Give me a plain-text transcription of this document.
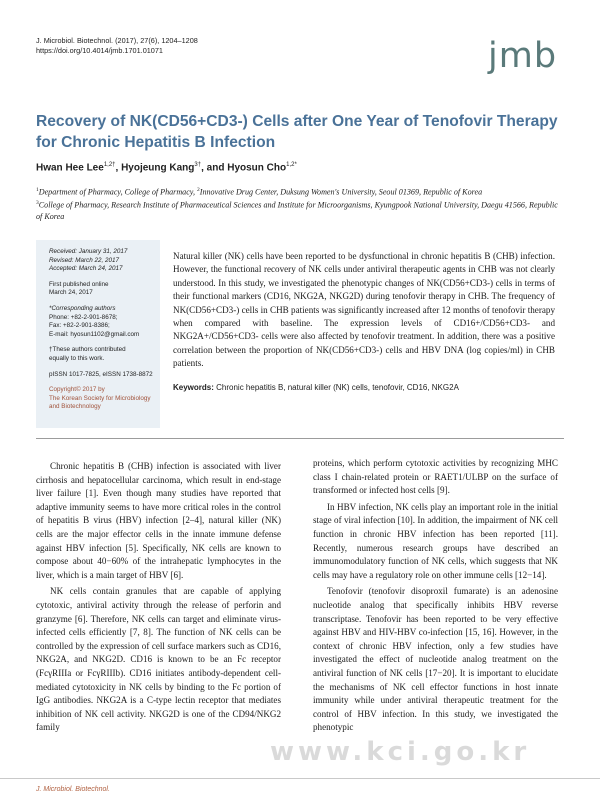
J. Microbiol. Biotechnol. (2017), 27(6), 1204–1208
https://doi.org/10.4014/jmb.1701.01071	jmb
Recovery of NK(CD56+CD3-) Cells after One Year of Tenofovir Therapy for Chronic Hepatitis B Infection
Hwan Hee Lee$^{1,2\dagger}$, Hyojeung Kang$^{3\dagger}$, and Hyosun Cho$^{1,2*}$
$^1$Department of Pharmacy, College of Pharmacy, $^2$Innovative Drug Center, Duksung Women's University, Seoul 01369, Republic of Korea
$^3$College of Pharmacy, Research Institute of Pharmaceutical Sciences and Institute for Microorganisms, Kyungpook National University, Daegu 41566, Republic of Korea

Received: January 31, 2017
Revised: March 22, 2017
Accepted: March 24, 2017

First published online
March 24, 2017

*Corresponding authors
Phone: +82-2-901-8678;
Fax: +82-2-901-8386;
E-mail: hyosun1102@gmail.com

†These authors contributed
equally to this work.

pISSN 1017-7825, eISSN 1738-8872

Copyright© 2017 by
The Korean Society for Microbiology
and Biotechnology

Natural killer (NK) cells have been reported to be dysfunctional in chronic hepatitis B (CHB) infection. However, the functional recovery of NK cells under antiviral therapeutic agents in CHB was not clearly understood. In this study, we investigated the phenotypic changes of NK(CD56+CD3-) cells in terms of their functional markers (CD16, NKG2A, NKG2D) during tenofovir therapy in CHB. The frequency of NK(CD56+CD3-) cells in CHB patients was significantly increased after 12 months of tenofovir therapy when compared with baseline. The expression levels of CD16+/CD56+CD3- and NKG2A+/CD56+CD3- cells were also affected by tenofovir treatment. In addition, there was a positive correlation between the proportion of NK(CD56+CD3-) cells and HBV DNA (log copies/ml) in CHB patients.
Keywords: Chronic hepatitis B, natural killer (NK) cells, tenofovir, CD16, NKG2A

Chronic hepatitis B (CHB) infection is associated with liver cirrhosis and hepatocellular carcinoma, which result in end-stage liver failure [1]. Even though many studies have reported that adaptive immunity seems to have more critical roles in the control of hepatitis B virus (HBV) infection [2–4], natural killer (NK) cells are the major effector cells in the innate immune defense against HBV infection [5]. Specifically, NK cells are known to compose about 40−60% of the intrahepatic lymphocytes in the liver, which is a main target of HBV [6].

NK cells contain granules that are capable of applying cytotoxic, antiviral activity through the release of perforin and granzyme [6]. Therefore, NK cells can target and eliminate virus-infected cells efficiently [7, 8]. The function of NK cells can be controlled by the expression of cell surface markers such as CD16, NKG2A, and NKG2D. CD16 is known to be an Fc receptor (FcγRIIIa or FcγRIIIb). CD16 initiates antibody-dependent cell-mediated cytotoxicity in NK cells by binding to the Fc portion of IgG antibodies. NKG2A is a C-type lectin receptor that mediates inhibition of NK cell activity. NKG2D is one of the CD94/NKG2 family

proteins, which perform cytotoxic activities by recognizing MHC class I chain-related protein or RAET1/ULBP on the surface of transformed or infected host cells [9].

In HBV infection, NK cells play an important role in the initial stage of viral infection [10]. In addition, the impairment of NK cell function in chronic HBV infection has been reported [11]. Recently, numerous research groups have described an immunomodulatory function of NK cells, which suggests that NK cells may have a regulatory role on other immune cells [12−14].

Tenofovir (tenofovir disoproxil fumarate) is an adenosine nucleotide analog that specifically inhibits HBV reverse transcriptase. Tenofovir has been reported to be very effective against HBV and HIV-HBV co-infection [15, 16]. However, in the context of chronic HBV infection, only a few studies have investigated the effect of nucleotide analog treatment on the antiviral function of NK cells [17−20]. It is important to elucidate the mechanisms of NK cell effector functions in host innate immunity while under antiviral therapeutic treatment for the control of HBV infection. In this study, we investigated the phenotypic

www.kci.go.kr
J. Microbiol. Biotechnol.
